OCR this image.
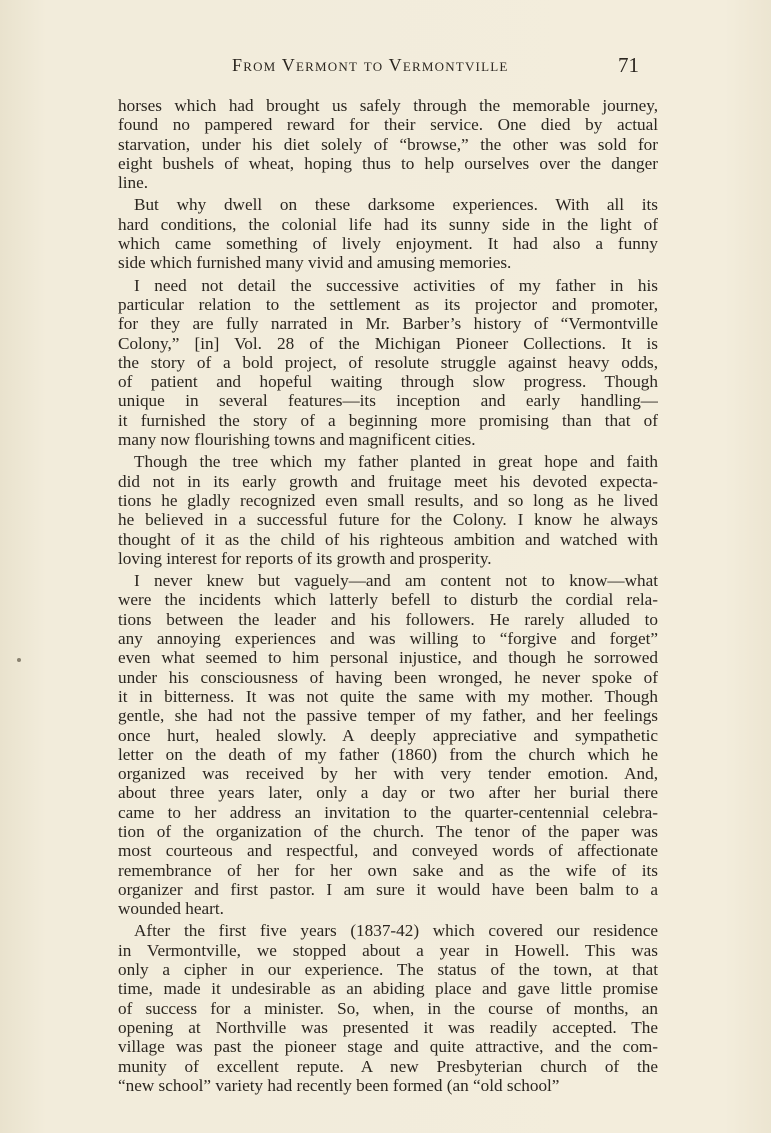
From Vermont to Vermontville	71
horses which had brought us safely through the memorable journey,
found no pampered reward for their service. One died by actual
starvation, under his diet solely of “browse,” the other was sold for
eight bushels of wheat, hoping thus to help ourselves over the danger
line.
But why dwell on these darksome experiences. With all its
hard conditions, the colonial life had its sunny side in the light of
which came something of lively enjoyment. It had also a funny
side which furnished many vivid and amusing memories.
I need not detail the successive activities of my father in his
particular relation to the settlement as its projector and promoter,
for they are fully narrated in Mr. Barber’s history of “Vermontville
Colony,” [in] Vol. 28 of the Michigan Pioneer Collections. It is
the story of a bold project, of resolute struggle against heavy odds,
of patient and hopeful waiting through slow progress. Though
unique in several features—its inception and early handling—
it furnished the story of a beginning more promising than that of
many now flourishing towns and magnificent cities.
Though the tree which my father planted in great hope and faith
did not in its early growth and fruitage meet his devoted expecta-
tions he gladly recognized even small results, and so long as he lived
he believed in a successful future for the Colony. I know he always
thought of it as the child of his righteous ambition and watched with
loving interest for reports of its growth and prosperity.
I never knew but vaguely—and am content not to know—what
were the incidents which latterly befell to disturb the cordial rela-
tions between the leader and his followers. He rarely alluded to
any annoying experiences and was willing to “forgive and forget”
even what seemed to him personal injustice, and though he sorrowed
under his consciousness of having been wronged, he never spoke of
it in bitterness. It was not quite the same with my mother. Though
gentle, she had not the passive temper of my father, and her feelings
once hurt, healed slowly. A deeply appreciative and sympathetic
letter on the death of my father (1860) from the church which he
organized was received by her with very tender emotion. And,
about three years later, only a day or two after her burial there
came to her address an invitation to the quarter-centennial celebra-
tion of the organization of the church. The tenor of the paper was
most courteous and respectful, and conveyed words of affectionate
remembrance of her for her own sake and as the wife of its
organizer and first pastor. I am sure it would have been balm to a
wounded heart.
After the first five years (1837-42) which covered our residence
in Vermontville, we stopped about a year in Howell. This was
only a cipher in our experience. The status of the town, at that
time, made it undesirable as an abiding place and gave little promise
of success for a minister. So, when, in the course of months, an
opening at Northville was presented it was readily accepted. The
village was past the pioneer stage and quite attractive, and the com-
munity of excellent repute. A new Presbyterian church of the
“new school” variety had recently been formed (an “old school”
